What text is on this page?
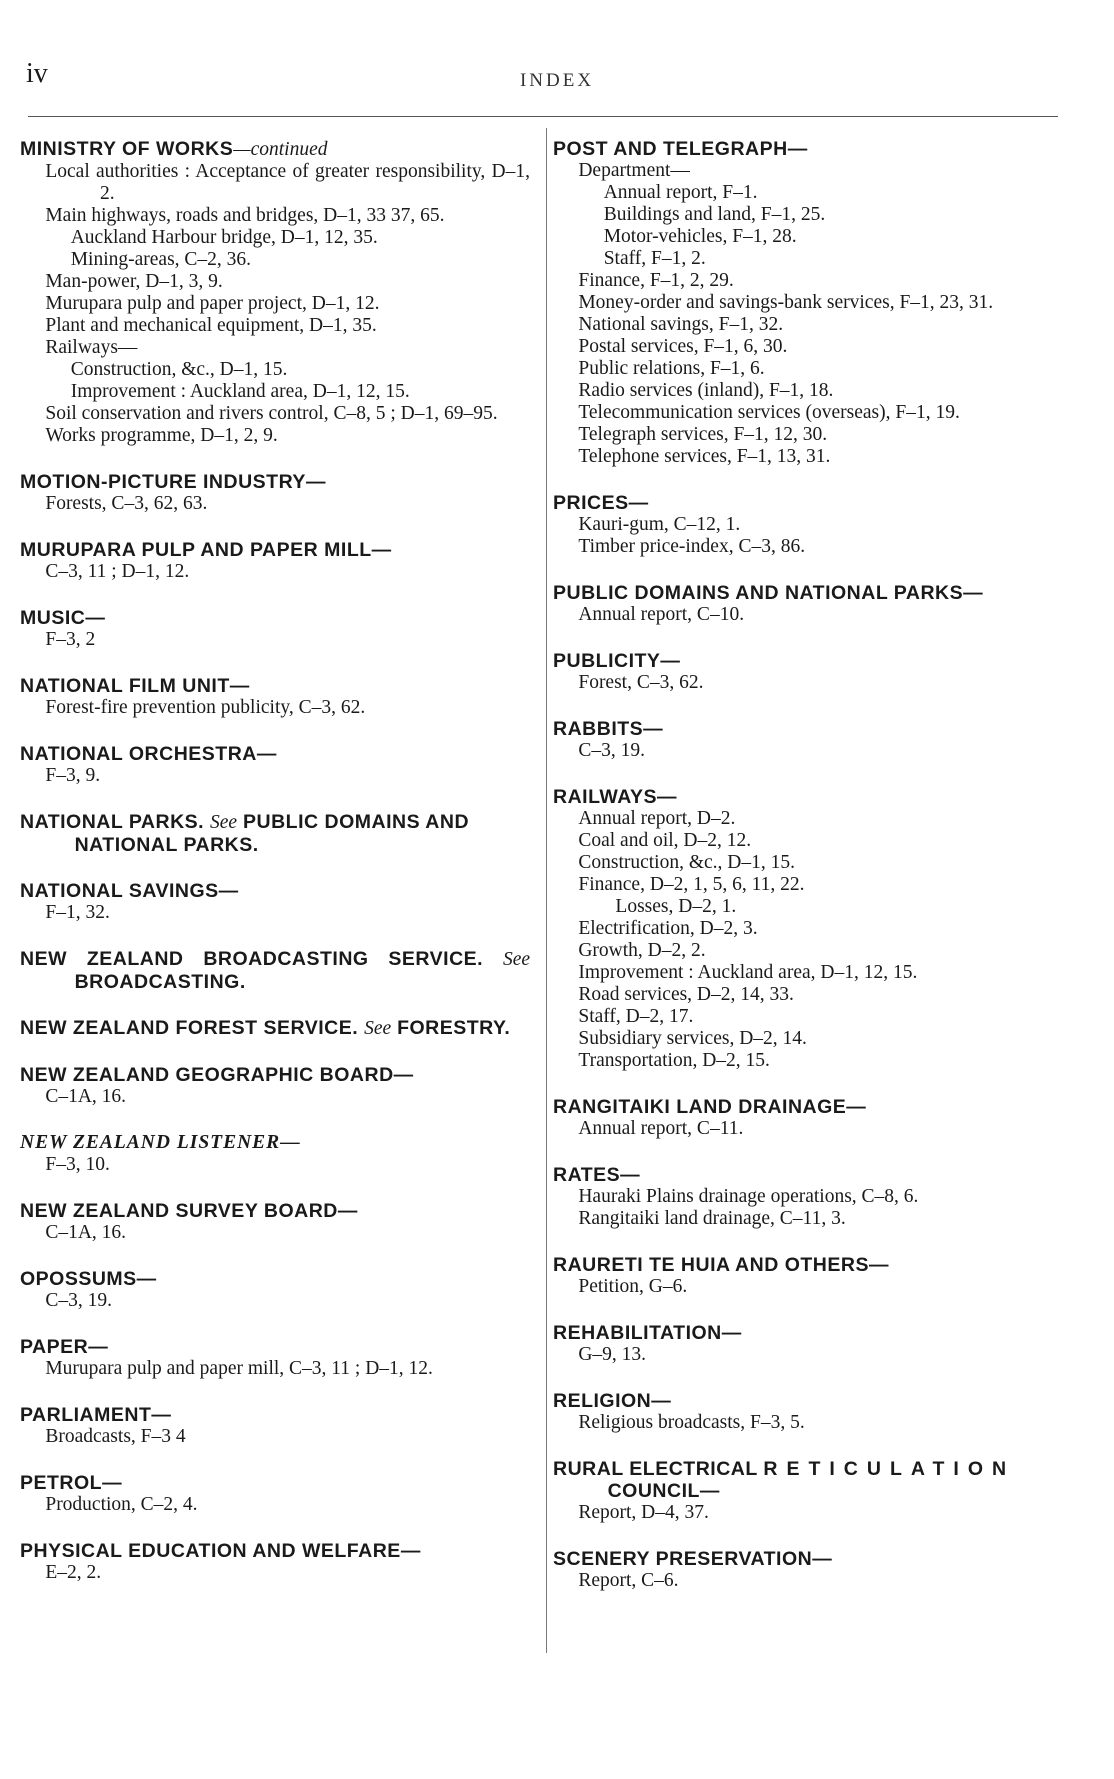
iv	INDEX
MINISTRY OF WORKS—continued
Local authorities : Acceptance of greater responsibility, D–1, 2.
Main highways, roads and bridges, D–1, 33 37, 65.
Auckland Harbour bridge, D–1, 12, 35.
Mining-areas, C–2, 36.
Man-power, D–1, 3, 9.
Murupara pulp and paper project, D–1, 12.
Plant and mechanical equipment, D–1, 35.
Railways—
Construction, &c., D–1, 15.
Improvement : Auckland area, D–1, 12, 15.
Soil conservation and rivers control, C–8, 5 ; D–1, 69–95.
Works programme, D–1, 2, 9.
MOTION-PICTURE INDUSTRY—
Forests, C–3, 62, 63.
MURUPARA PULP AND PAPER MILL—
C–3, 11 ; D–1, 12.
MUSIC—
F–3, 2
NATIONAL FILM UNIT—
Forest-fire prevention publicity, C–3, 62.
NATIONAL ORCHESTRA—
F–3, 9.
NATIONAL PARKS. See PUBLIC DOMAINS AND NATIONAL PARKS.
NATIONAL SAVINGS—
F–1, 32.
NEW ZEALAND BROADCASTING SERVICE. See BROADCASTING.
NEW ZEALAND FOREST SERVICE. See FORESTRY.
NEW ZEALAND GEOGRAPHIC BOARD—
C–1A, 16.
NEW ZEALAND LISTENER—
F–3, 10.
NEW ZEALAND SURVEY BOARD—
C–1A, 16.
OPOSSUMS—
C–3, 19.
PAPER—
Murupara pulp and paper mill, C–3, 11 ; D–1, 12.
PARLIAMENT—
Broadcasts, F–3 4
PETROL—
Production, C–2, 4.
PHYSICAL EDUCATION AND WELFARE—
E–2, 2.
POST AND TELEGRAPH—
Department—
Annual report, F–1.
Buildings and land, F–1, 25.
Motor-vehicles, F–1, 28.
Staff, F–1, 2.
Finance, F–1, 2, 29.
Money-order and savings-bank services, F–1, 23, 31.
National savings, F–1, 32.
Postal services, F–1, 6, 30.
Public relations, F–1, 6.
Radio services (inland), F–1, 18.
Telecommunication services (overseas), F–1, 19.
Telegraph services, F–1, 12, 30.
Telephone services, F–1, 13, 31.
PRICES—
Kauri-gum, C–12, 1.
Timber price-index, C–3, 86.
PUBLIC DOMAINS AND NATIONAL PARKS—
Annual report, C–10.
PUBLICITY—
Forest, C–3, 62.
RABBITS—
C–3, 19.
RAILWAYS—
Annual report, D–2.
Coal and oil, D–2, 12.
Construction, &c., D–1, 15.
Finance, D–2, 1, 5, 6, 11, 22.
Losses, D–2, 1.
Electrification, D–2, 3.
Growth, D–2, 2.
Improvement : Auckland area, D–1, 12, 15.
Road services, D–2, 14, 33.
Staff, D–2, 17.
Subsidiary services, D–2, 14.
Transportation, D–2, 15.
RANGITAIKI LAND DRAINAGE—
Annual report, C–11.
RATES—
Hauraki Plains drainage operations, C–8, 6.
Rangitaiki land drainage, C–11, 3.
RAURETI TE HUIA AND OTHERS—
Petition, G–6.
REHABILITATION—
G–9, 13.
RELIGION—
Religious broadcasts, F–3, 5.
RURAL ELECTRICAL RETICULATION COUNCIL—
Report, D–4, 37.
SCENERY PRESERVATION—
Report, C–6.
